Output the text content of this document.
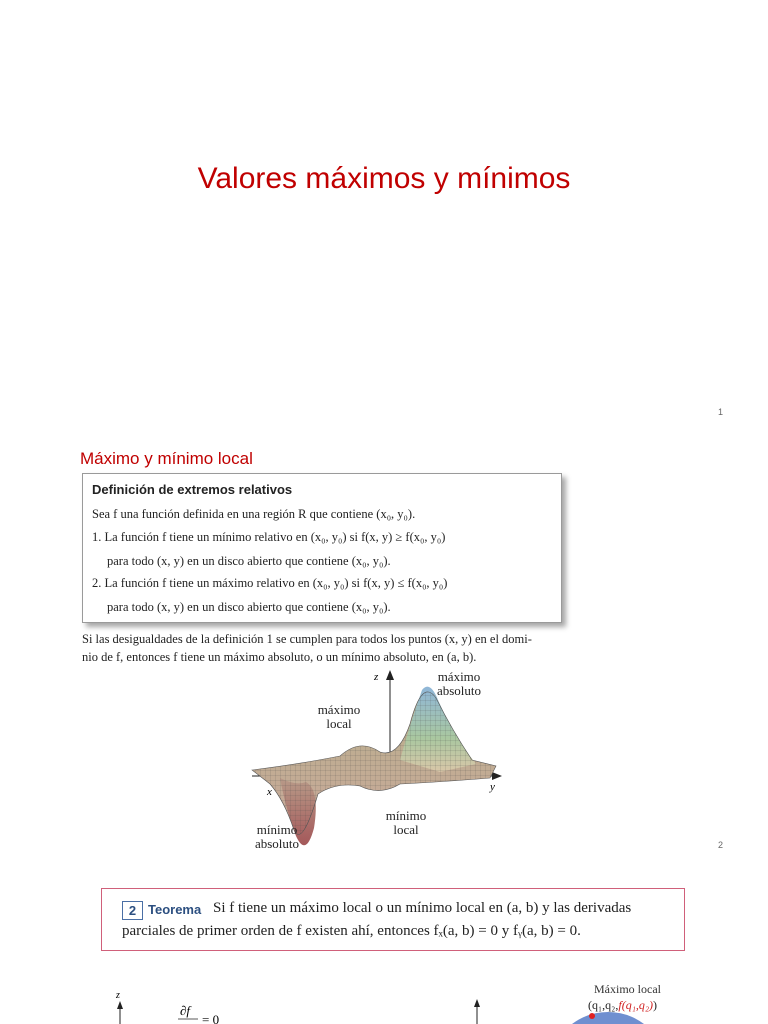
Valores máximos y mínimos
1
Máximo y mínimo local
Definición de extremos relativos
Sea f una función definida en una región R que contiene (x₀, y₀).
1. La función f tiene un mínimo relativo en (x₀, y₀) si f(x, y) ≥ f(x₀, y₀)
para todo (x, y) en un disco abierto que contiene (x₀, y₀).
2. La función f tiene un máximo relativo en (x₀, y₀) si f(x, y) ≤ f(x₀, y₀)
para todo (x, y) en un disco abierto que contiene (x₀, y₀).
Si las desigualdades de la definición 1 se cumplen para todos los puntos (x, y) en el domi-
nio de f, entonces f tiene un máximo absoluto, o un mínimo absoluto, en (a, b).
z
x	y
máximo
absoluto
máximo
local
mínimo
local
mínimo
absoluto	2
2 Teorema Si f tiene un máximo local o un mínimo local en (a, b) y las derivadas
parciales de primer orden de f existen ahí, entonces fₓ(a, b) = 0 y fᵧ(a, b) = 0.
z
∂f
= 0
Máximo local
(q₁,q₂,f(q₁,q₂))
